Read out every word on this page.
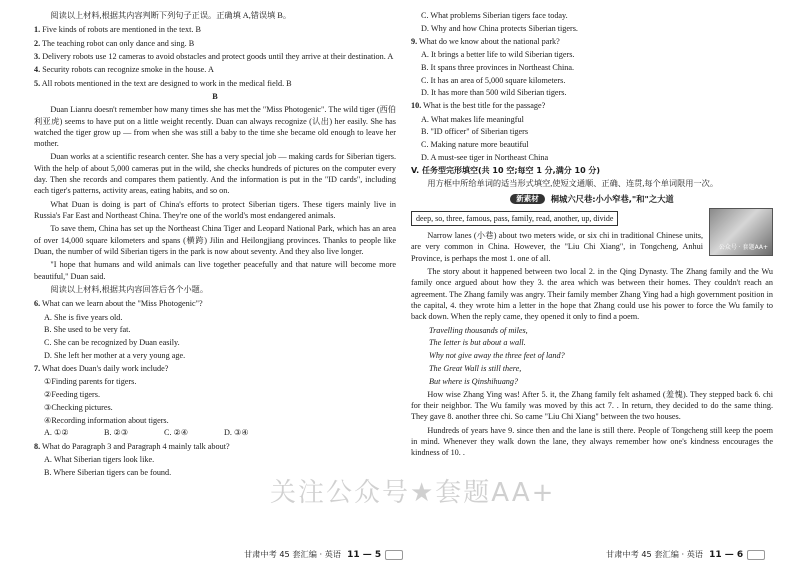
阅读以上材料,根据其内容判断下列句子正误。正确填 A,错误填 B。

1. Five kinds of robots are mentioned in the text. B

2. The teaching robot can only dance and sing. B

3. Delivery robots use 12 cameras to avoid obstacles and protect goods until they arrive at their destination. A

4. Security robots can recognize smoke in the house. A

5. All robots mentioned in the text are designed to work in the medical field. B

B

Duan Lianru doesn't remember how many times she has met the "Miss Photogenic". The wild tiger (西伯利亚虎) seems to have put on a little weight recently. Duan can always recognize (认出) her easily. She has watched the tiger grow up — from when she was still a baby to the time she became old enough to leave her mother.

Duan works at a scientific research center. She has a very special job — making cards for Siberian tigers. With the help of about 5,000 cameras put in the wild, she checks hundreds of pictures on the computer every day. Then she records and compares them patiently. And the information is put in the "ID cards", including each tiger's patterns, activity areas, eating habits, and so on.

What Duan is doing is part of China's efforts to protect Siberian tigers. These tigers mainly live in Russia's Far East and Northeast China. They're one of the world's most endangered animals.

To save them, China has set up the Northeast China Tiger and Leopard National Park, which has an area of over 14,000 square kilometers and spans (横跨) Jilin and Heilongjiang provinces. Thanks to people like Duan, the number of wild Siberian tigers in the park is now about seventy. And they also live longer.

"I hope that humans and wild animals can live together peacefully and that nature will become more beautiful," Duan said.

阅读以上材料,根据其内容回答后各个小题。

6. What can we learn about the "Miss Photogenic"?

A. She is five years old.

B. She used to be very fat.

C. She can be recognized by Duan easily.

D. She left her mother at a very young age.

7. What does Duan's daily work include?

①Finding parents for tigers.

②Feeding tigers.

③Checking pictures.

④Recording information about tigers.

A. ①②	B. ②③	C. ②④	D. ③④

8. What do Paragraph 3 and Paragraph 4 mainly talk about?

A. What Siberian tigers look like.

B. Where Siberian tigers can be found.

甘肃中考 45 套汇编 · 英语 11 — 5

C. What problems Siberian tigers face today.

D. Why and how China protects Siberian tigers.

9. What do we know about the national park?

A. It brings a better life to wild Siberian tigers.

B. It spans three provinces in Northeast China.

C. It has an area of 5,000 square kilometers.

D. It has more than 500 wild Siberian tigers.

10. What is the best title for the passage?

A. What makes life meaningful

B. "ID officer" of Siberian tigers

C. Making nature more beautiful

D. A must-see tiger in Northeast China

V. 任务型完形填空(共 10 空;每空 1 分,满分 10 分)

用方框中所给单词的适当形式填空,使短文通顺、正确、连贯,每个单词限用一次。

新素材	桐城六尺巷:小小窄巷,"和"之大道
deep , so , three , famous , pass , family , read , another , up , divide

Narrow lanes (小巷) about two meters wide, or six chi in traditional Chinese units, are very common in China. However, the "Liu Chi Xiang", in Tongcheng, Anhui Province, is perhaps the most 1. one of all.

公众号 · 套题AA+

The story about it happened between two local 2. in the Qing Dynasty. The Zhang family and the Wu family once argued about how they 3. the area which was between their homes. They couldn't reach an agreement. The Zhang family was angry. Their family member Zhang Ying had a high government position in the capital, 4. they wrote him a letter in the hope that Zhang could use his power to force the Wu family to back down. When the reply came, they opened it only to find a poem.

Travelling thousands of miles,

The letter is but about a wall.

Why not give away the three feet of land?

The Great Wall is still there,

But where is Qinshihuang?

How wise Zhang Ying was! After 5. it, the Zhang family felt ashamed (羞愧). They stepped back 6. chi for their neighbor. The Wu family was moved by this act 7. . In return, they decided to do the same thing. They gave 8. another three chi. So came "Liu Chi Xiang" between the two houses.

Hundreds of years have 9. since then and the lane is still there. People of Tongcheng still keep the poem in mind. Whenever they walk down the lane, they always remember how one's kindness encourages the kindness of 10. .

甘肃中考 45 套汇编 · 英语 11 — 6
关注公众号★套题AA+
